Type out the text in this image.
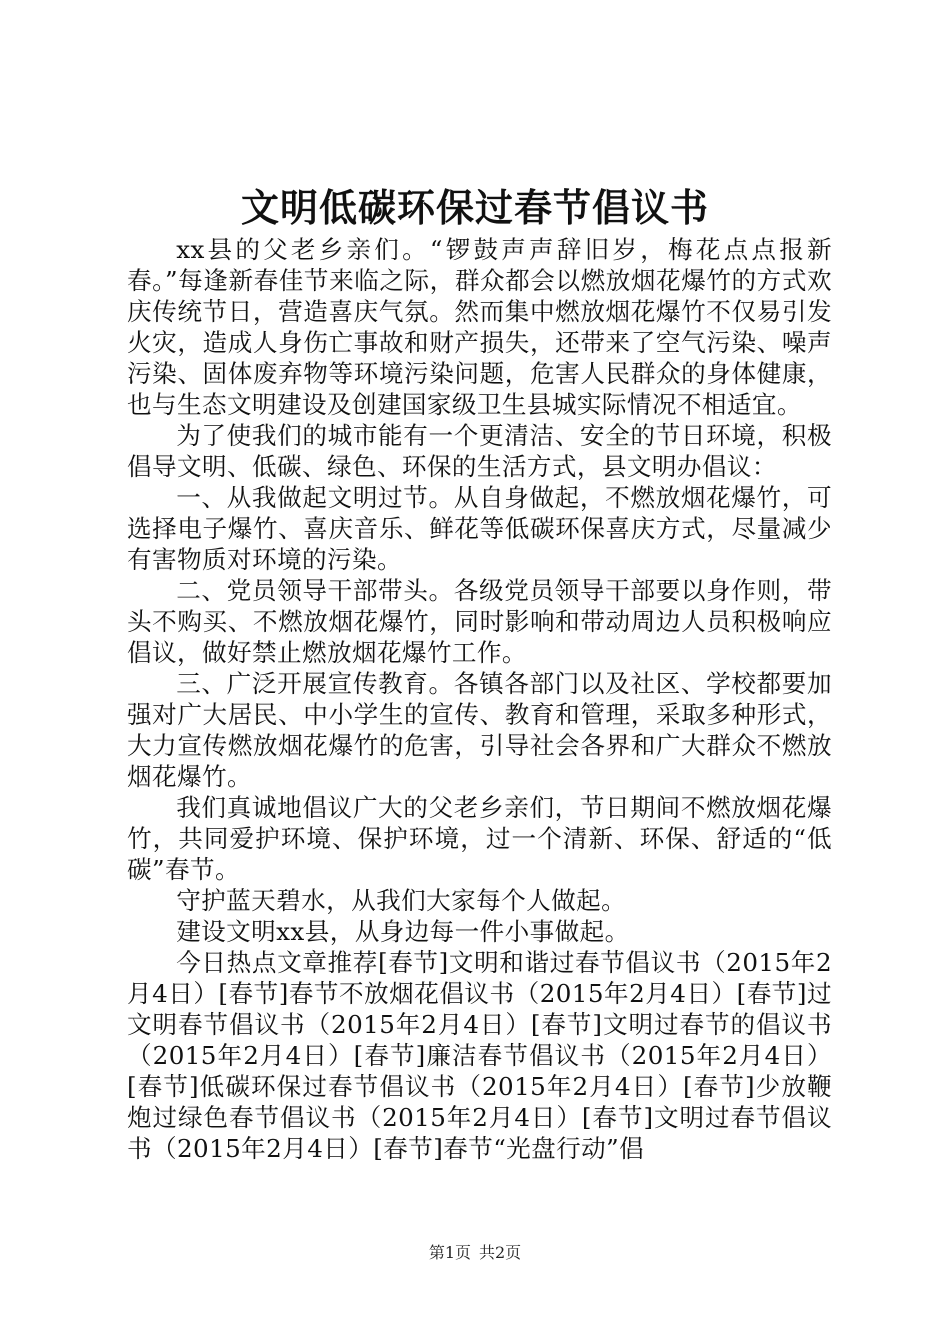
文明低碳环保过春节倡议书

xx县的父老乡亲们。“锣鼓声声辞旧岁，梅花点点报新春。”每逢新春佳节来临之际，群众都会以燃放烟花爆竹的方式欢庆传统节日，营造喜庆气氛。然而集中燃放烟花爆竹不仅易引发火灾，造成人身伤亡事故和财产损失，还带来了空气污染、噪声污染、固体废弃物等环境污染问题，危害人民群众的身体健康，也与生态文明建设及创建国家级卫生县城实际情况不相适宜。

为了使我们的城市能有一个更清洁、安全的节日环境，积极倡导文明、低碳、绿色、环保的生活方式，县文明办倡议：

一、从我做起文明过节。从自身做起，不燃放烟花爆竹，可选择电子爆竹、喜庆音乐、鲜花等低碳环保喜庆方式，尽量减少有害物质对环境的污染。

二、党员领导干部带头。各级党员领导干部要以身作则，带头不购买、不燃放烟花爆竹，同时影响和带动周边人员积极响应倡议，做好禁止燃放烟花爆竹工作。

三、广泛开展宣传教育。各镇各部门以及社区、学校都要加强对广大居民、中小学生的宣传、教育和管理，采取多种形式，大力宣传燃放烟花爆竹的危害，引导社会各界和广大群众不燃放烟花爆竹。

我们真诚地倡议广大的父老乡亲们，节日期间不燃放烟花爆竹，共同爱护环境、保护环境，过一个清新、环保、舒适的“低碳”春节。

守护蓝天碧水，从我们大家每个人做起。

建设文明xx县，从身边每一件小事做起。

今日热点文章推荐[春节]文明和谐过春节倡议书（2015年2月4日）[春节]春节不放烟花倡议书（2015年2月4日）[春节]过文明春节倡议书（2015年2月4日）[春节]文明过春节的倡议书（2015年2月4日）[春节]廉洁春节倡议书（2015年2月4日）[春节]低碳环保过春节倡议书（2015年2月4日）[春节]少放鞭炮过绿色春节倡议书（2015年2月4日）[春节]文明过春节倡议书（2015年2月4日）[春节]春节“光盘行动”倡

第1页 共2页
